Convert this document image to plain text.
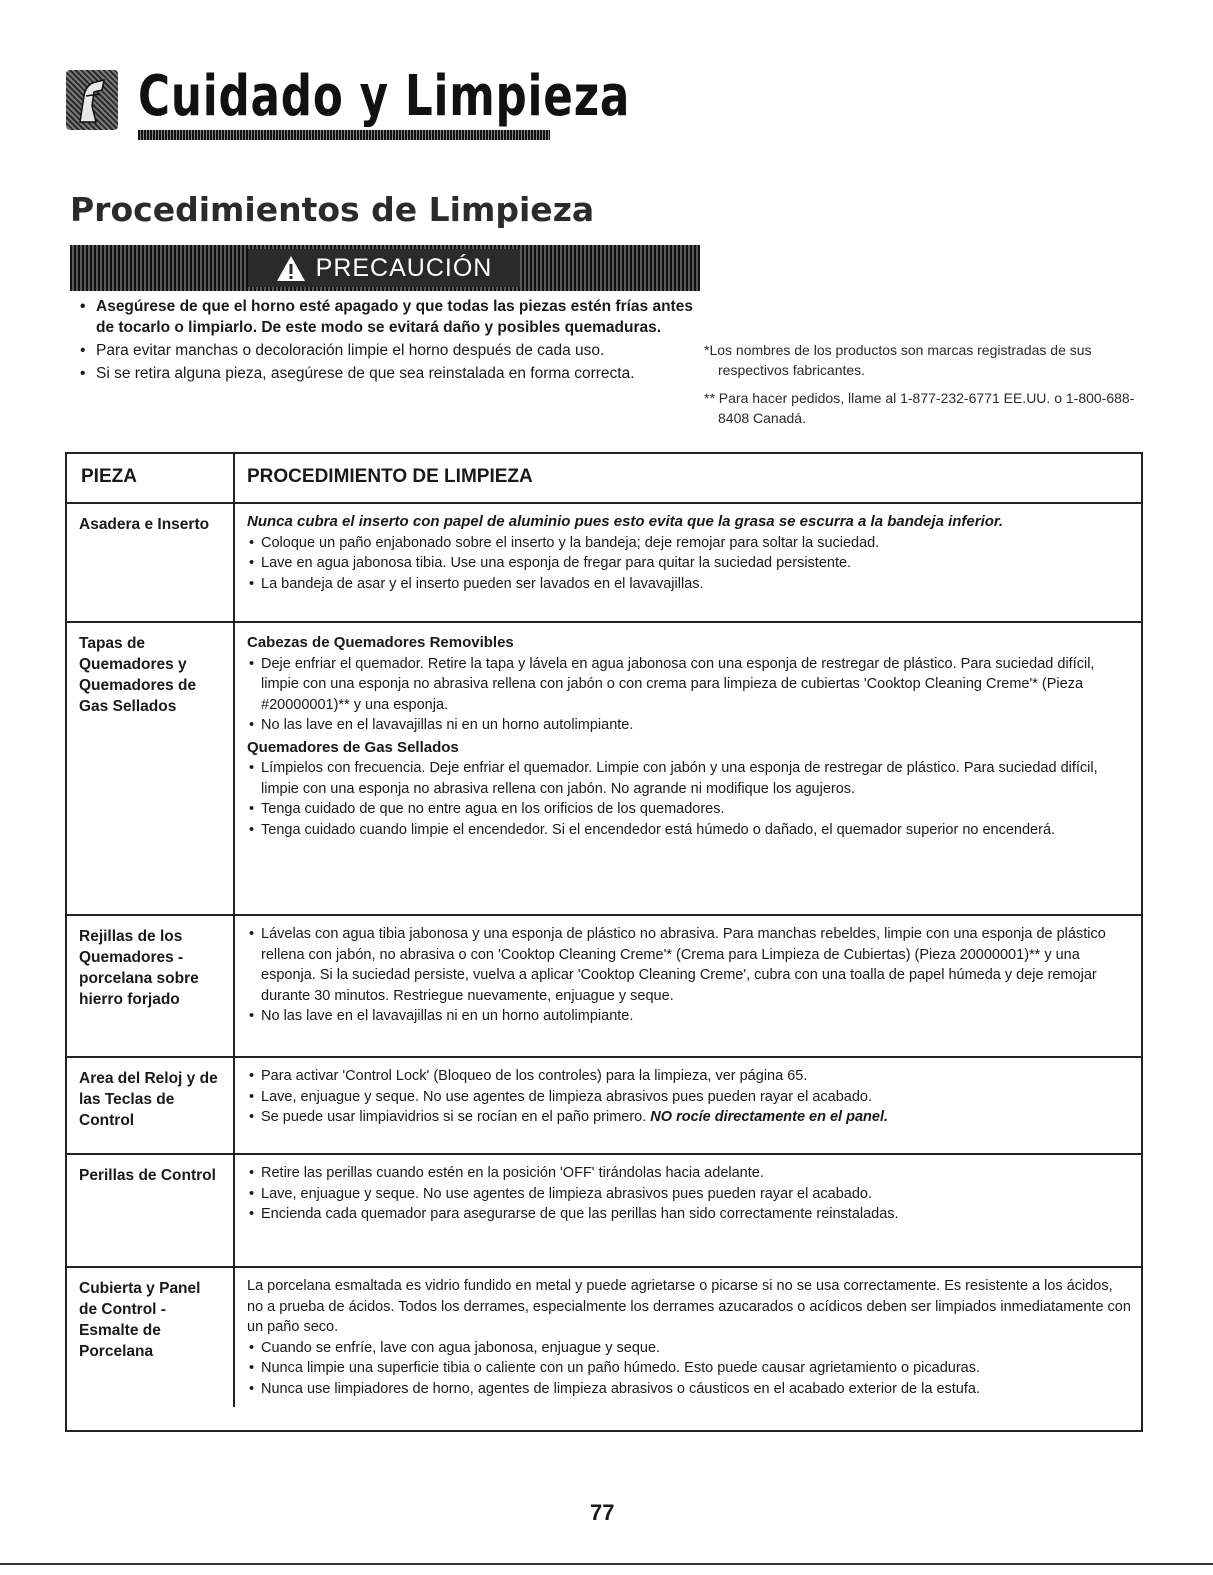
Cuidado y Limpieza
Procedimientos de Limpieza
PRECAUCIÓN
• Asegúrese de que el horno esté apagado y que todas las piezas estén frías antes de tocarlo o limpiarlo. De este modo se evitará daño y posibles quemaduras.
• Para evitar manchas o decoloración limpie el horno después de cada uso.
• Si se retira alguna pieza, asegúrese de que sea reinstalada en forma correcta.

*Los nombres de los productos son marcas registradas de sus respectivos fabricantes.

** Para hacer pedidos, llame al 1-877-232-6771 EE.UU. o 1-800-688-8408 Canadá.

PIEZA	PROCEDIMIENTO DE LIMPIEZA
Asadera e Inserto	Nunca cubra el inserto con papel de aluminio pues esto evita que la grasa se escurra a la bandeja inferior.
• Coloque un paño enjabonado sobre el inserto y la bandeja; deje remojar para soltar la suciedad.
• Lave en agua jabonosa tibia. Use una esponja de fregar para quitar la suciedad persistente.
• La bandeja de asar y el inserto pueden ser lavados en el lavavajillas.
Tapas de Quemadores y Quemadores de Gas Sellados
Cabezas de Quemadores Removibles
• Deje enfriar el quemador. Retire la tapa y lávela en agua jabonosa con una esponja de restregar de plástico. Para suciedad difícil, limpie con una esponja no abrasiva rellena con jabón o con crema para limpieza de cubiertas 'Cooktop Cleaning Creme'* (Pieza #20000001)** y una esponja.
• No las lave en el lavavajillas ni en un horno autolimpiante.
Quemadores de Gas Sellados
• Límpielos con frecuencia. Deje enfriar el quemador. Limpie con jabón y una esponja de restregar de plástico. Para suciedad difícil, limpie con una esponja no abrasiva rellena con jabón. No agrande ni modifique los agujeros.
• Tenga cuidado de que no entre agua en los orificios de los quemadores.
• Tenga cuidado cuando limpie el encendedor. Si el encendedor está húmedo o dañado, el quemador superior no encenderá.
Rejillas de los Quemadores - porcelana sobre hierro forjado
• Lávelas con agua tibia jabonosa y una esponja de plástico no abrasiva. Para manchas rebeldes, limpie con una esponja de plástico rellena con jabón, no abrasiva o con 'Cooktop Cleaning Creme'* (Crema para Limpieza de Cubiertas) (Pieza 20000001)** y una esponja. Si la suciedad persiste, vuelva a aplicar 'Cooktop Cleaning Creme', cubra con una toalla de papel húmeda y deje remojar durante 30 minutos. Restriegue nuevamente, enjuague y seque.
• No las lave en el lavavajillas ni en un horno autolimpiante.
Area del Reloj y de las Teclas de Control
• Para activar 'Control Lock' (Bloqueo de los controles) para la limpieza, ver página 65.
• Lave, enjuague y seque. No use agentes de limpieza abrasivos pues pueden rayar el acabado.
• Se puede usar limpiavidrios si se rocían en el paño primero. NO rocíe directamente en el panel.
Perillas de Control
•	Retire las perillas cuando estén en la posición 'OFF' tirándolas hacia adelante.
• Lave, enjuague y seque. No use agentes de limpieza abrasivos pues pueden rayar el acabado.
• Encienda cada quemador para asegurarse de que las perillas han sido correctamente reinstaladas.
Cubierta y Panel de Control - Esmalte de Porcelana
La porcelana esmaltada es vidrio fundido en metal y puede agrietarse o picarse si no se usa correctamente. Es resistente a los ácidos, no a prueba de ácidos. Todos los derrames, especialmente los derrames azucarados o acídicos deben ser limpiados inmediatamente con un paño seco.
• Cuando se enfríe, lave con agua jabonosa, enjuague y seque.
• Nunca limpie una superficie tibia o caliente con un paño húmedo. Esto puede causar agrietamiento o picaduras.
• Nunca use limpiadores de horno, agentes de limpieza abrasivos o cáusticos en el acabado exterior de la estufa.
77
